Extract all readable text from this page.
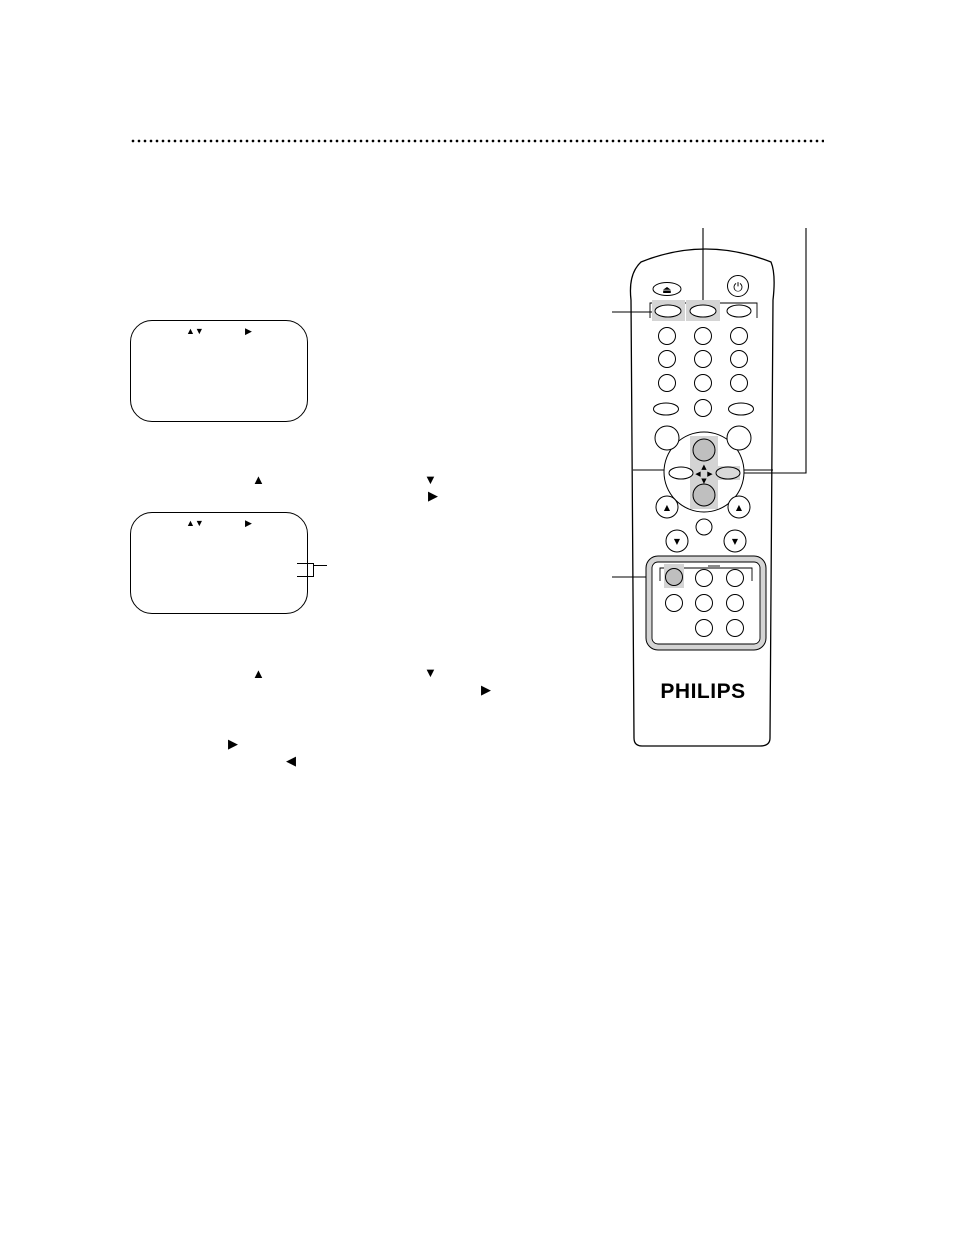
▲▼	▶
▲▼	▶
▲	▼
▶
▲	▼
▶
▶
◀
⏏	⏻
▲
▼
◀ ▶
▲	▲
▼	▼
PHILIPS
